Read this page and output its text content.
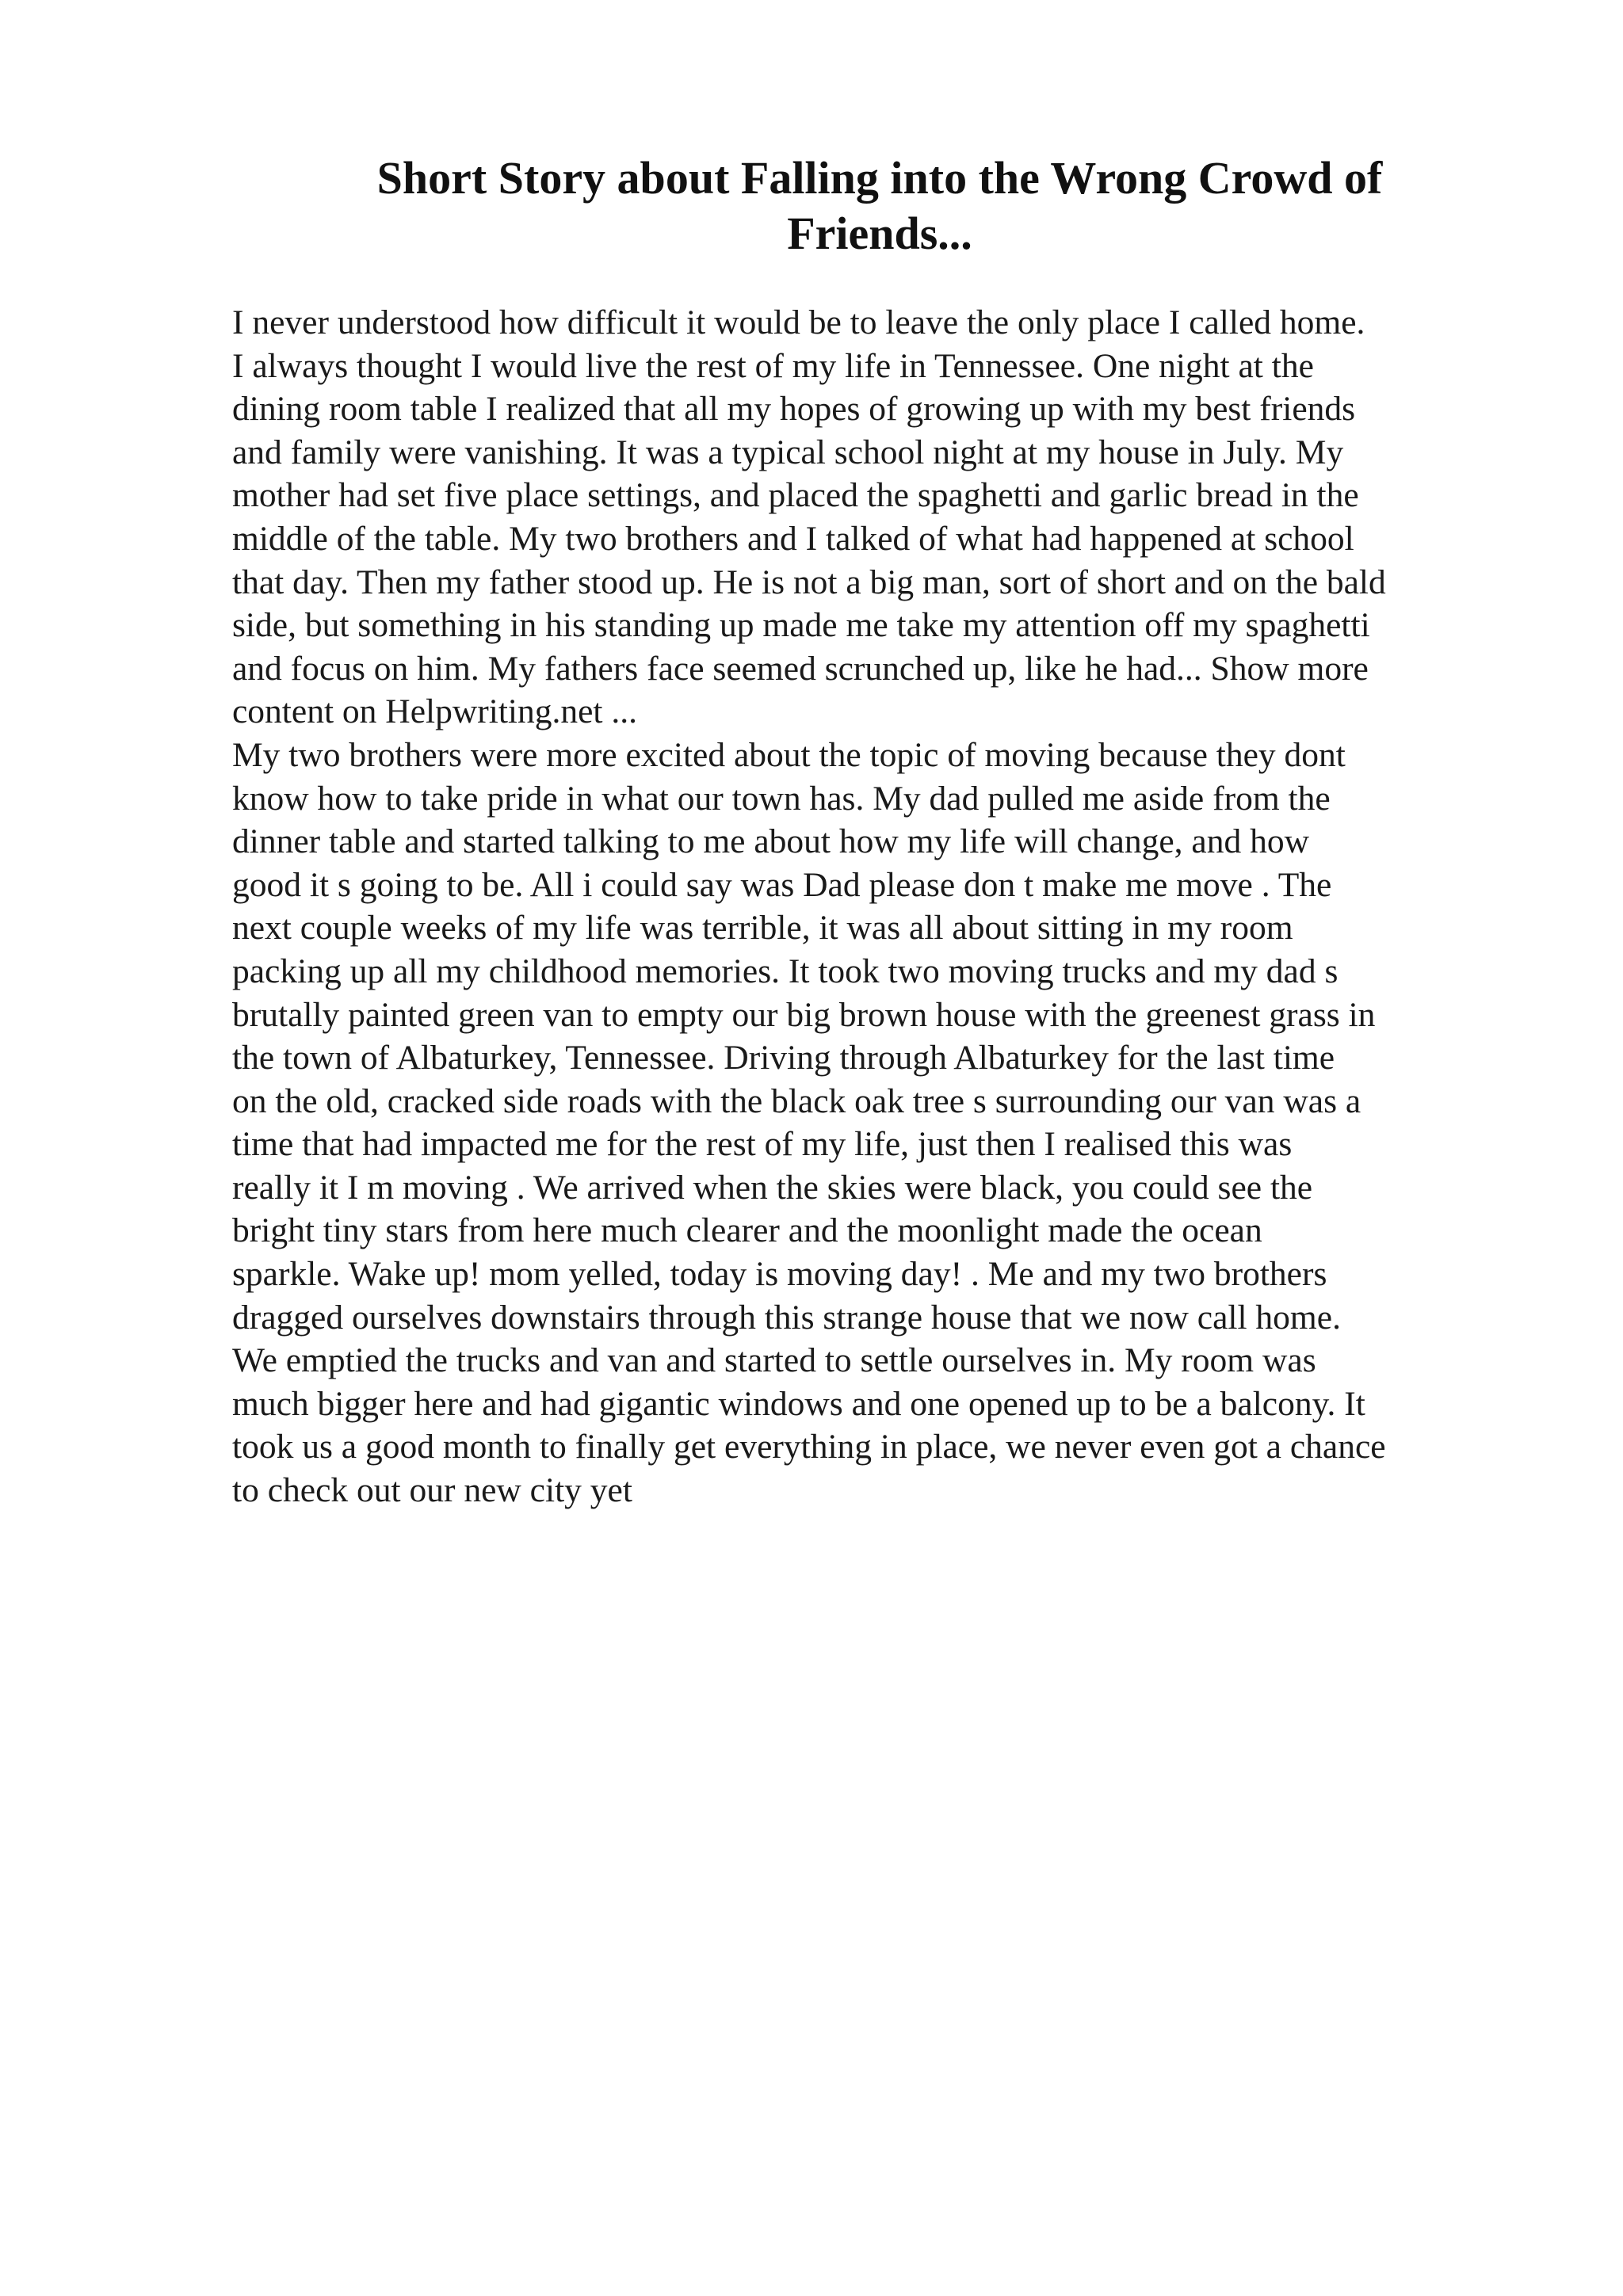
Short Story about Falling into the Wrong Crowd of
Friends...

I never understood how difficult it would be to leave the only place I called home.
I always thought I would live the rest of my life in Tennessee. One night at the
dining room table I realized that all my hopes of growing up with my best friends
and family were vanishing. It was a typical school night at my house in July. My
mother had set five place settings, and placed the spaghetti and garlic bread in the
middle of the table. My two brothers and I talked of what had happened at school
that day. Then my father stood up. He is not a big man, sort of short and on the bald
side, but something in his standing up made me take my attention off my spaghetti
and focus on him. My fathers face seemed scrunched up, like he had... Show more
content on Helpwriting.net ...

My two brothers were more excited about the topic of moving because they dont
know how to take pride in what our town has. My dad pulled me aside from the
dinner table and started talking to me about how my life will change, and how
good it s going to be. All i could say was Dad please don t make me move . The
next couple weeks of my life was terrible, it was all about sitting in my room
packing up all my childhood memories. It took two moving trucks and my dad s
brutally painted green van to empty our big brown house with the greenest grass in
the town of Albaturkey, Tennessee. Driving through Albaturkey for the last time
on the old, cracked side roads with the black oak tree s surrounding our van was a
time that had impacted me for the rest of my life, just then I realised this was
really it I m moving . We arrived when the skies were black, you could see the
bright tiny stars from here much clearer and the moonlight made the ocean
sparkle. Wake up! mom yelled, today is moving day! . Me and my two brothers
dragged ourselves downstairs through this strange house that we now call home.
We emptied the trucks and van and started to settle ourselves in. My room was
much bigger here and had gigantic windows and one opened up to be a balcony. It
took us a good month to finally get everything in place, we never even got a chance
to check out our new city yet
